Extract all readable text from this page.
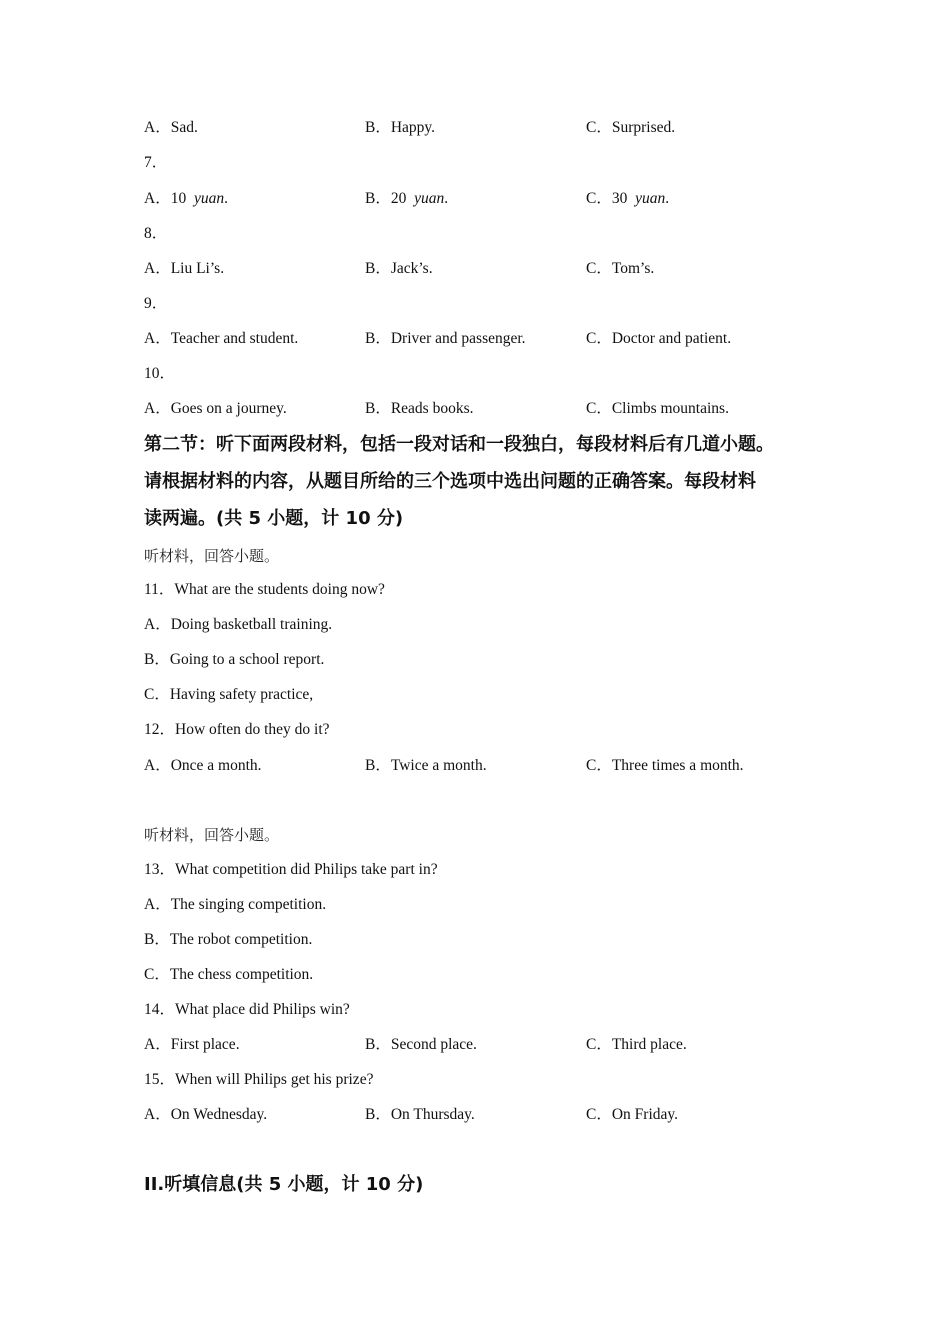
A．Sad.	B．Happy.	C．Surprised.
7．
A．10 yuan.	B．20 yuan.	C．30 yuan.
8．
A．Liu Li’s.	B．Jack’s.	C．Tom’s.
9．
A．Teacher and student.	B．Driver and passenger.	C．Doctor and patient.
10．
A．Goes on a journey.	B．Reads books.	C．Climbs mountains.
第二节：听下面两段材料，包括一段对话和一段独白，每段材料后有几道小题。
请根据材料的内容，从题目所给的三个选项中选出问题的正确答案。每段材料
读两遍。(共 5 小题，计 10 分)
听材料，回答小题。
11．What are the students doing now?
A．Doing basketball training.
B．Going to a school report.
C．Having safety practice,
12．How often do they do it?
A．Once a month.	B．Twice a month.	C．Three times a month.
听材料，回答小题。
13．What competition did Philips take part in?
A．The singing competition.
B．The robot competition.
C．The chess competition.
14．What place did Philips win?
A．First place.	B．Second place.	C．Third place.
15．When will Philips get his prize?
A．On Wednesday.	B．On Thursday.	C．On Friday.
II.听填信息(共 5 小题，计 10 分)
